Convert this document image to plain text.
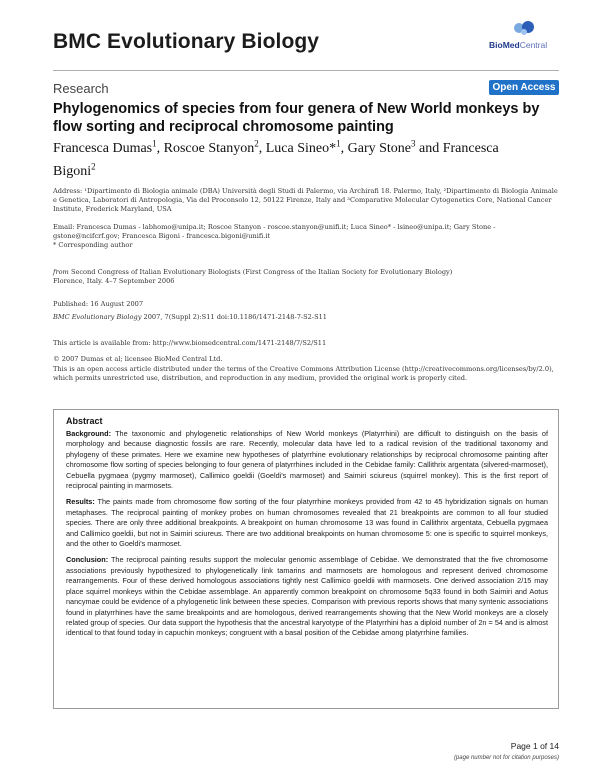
BMC Evolutionary Biology	BioMedCentral
Research	Open Access
Phylogenomics of species from four genera of New World monkeys by flow sorting and reciprocal chromosome painting
Francesca Dumas$^1$, Roscoe Stanyon$^2$, Luca Sineo*$^1$, Gary Stone$^3$ and Francesca Bigoni$^2$
Address: ¹Dipartimento di Biologia animale (DBA) Università degli Studi di Palermo, via Archirafi 18. Palermo, Italy, ²Dipartimento di Biologia Animale e Genetica, Laboratori di Antropologia, Via del Proconsolo 12, 50122 Firenze, Italy and ³Comparative Molecular Cytogenetics Core, National Cancer Institute, Frederick Maryland, USA
Email: Francesca Dumas - labhomo@unipa.it; Roscoe Stanyon - roscoe.stanyon@unifi.it; Luca Sineo* - lsineo@unipa.it; Gary Stone - gstone@ncifcrf.gov; Francesca Bigoni - francesca.bigoni@unifi.it
* Corresponding author
from Second Congress of Italian Evolutionary Biologists (First Congress of the Italian Society for Evolutionary Biology)
Florence, Italy. 4–7 September 2006
Published: 16 August 2007
BMC Evolutionary Biology 2007, 7(Suppl 2):S11 doi:10.1186/1471-2148-7-S2-S11
This article is available from: http://www.biomedcentral.com/1471-2148/7/S2/S11
© 2007 Dumas et al; licensee BioMed Central Ltd.
This is an open access article distributed under the terms of the Creative Commons Attribution License (http://creativecommons.org/licenses/by/2.0), which permits unrestricted use, distribution, and reproduction in any medium, provided the original work is properly cited.
Abstract

Background: The taxonomic and phylogenetic relationships of New World monkeys (Platyrrhini) are difficult to distinguish on the basis of morphology and because diagnostic fossils are rare. Recently, molecular data have led to a radical revision of the traditional taxonomy and phylogeny of these primates. Here we examine new hypotheses of platyrrhine evolutionary relationships by reciprocal chromosome painting after chromosome flow sorting of species belonging to four genera of platyrrhines included in the Cebidae family: Callithrix argentata (silvered-marmoset), Cebuella pygmaea (pygmy marmoset), Callimico goeldii (Goeldi's marmoset) and Saimiri sciureus (squirrel monkey). This is the first report of reciprocal painting in marmosets.

Results: The paints made from chromosome flow sorting of the four platyrrhine monkeys provided from 42 to 45 hybridization signals on human metaphases. The reciprocal painting of monkey probes on human chromosomes revealed that 21 breakpoints are common to all four studied species. There are only three additional breakpoints. A breakpoint on human chromosome 13 was found in Callithrix argentata, Cebuella pygmaea and Callimico goeldii, but not in Saimiri sciureus. There are two additional breakpoints on human chromosome 5: one is specific to squirrel monkeys, and the other to Goeldi's marmoset.

Conclusion: The reciprocal painting results support the molecular genomic assemblage of Cebidae. We demonstrated that the five chromosome associations previously hypothesized to phylogenetically link tamarins and marmosets are homologous and represent derived chromosome rearrangements. Four of these derived homologous associations tightly nest Callimico goeldii with marmosets. One derived association 2/15 may place squirrel monkeys within the Cebidae assemblage. An apparently common breakpoint on chromosome 5q33 found in both Saimiri and Aotus nancymae could be evidence of a phylogenetic link between these species. Comparison with previous reports shows that many syntenic associations found in platyrrhines have the same breakpoints and are homologous, derived rearrangements showing that the New World monkeys are a closely related group of species. Our data support the hypothesis that the ancestral karyotype of the Platyrrhini has a diploid number of 2n = 54 and is almost identical to that found today in capuchin monkeys; congruent with a basal position of the Cebidae among platyrrhine families.

Page 1 of 14
(page number not for citation purposes)
